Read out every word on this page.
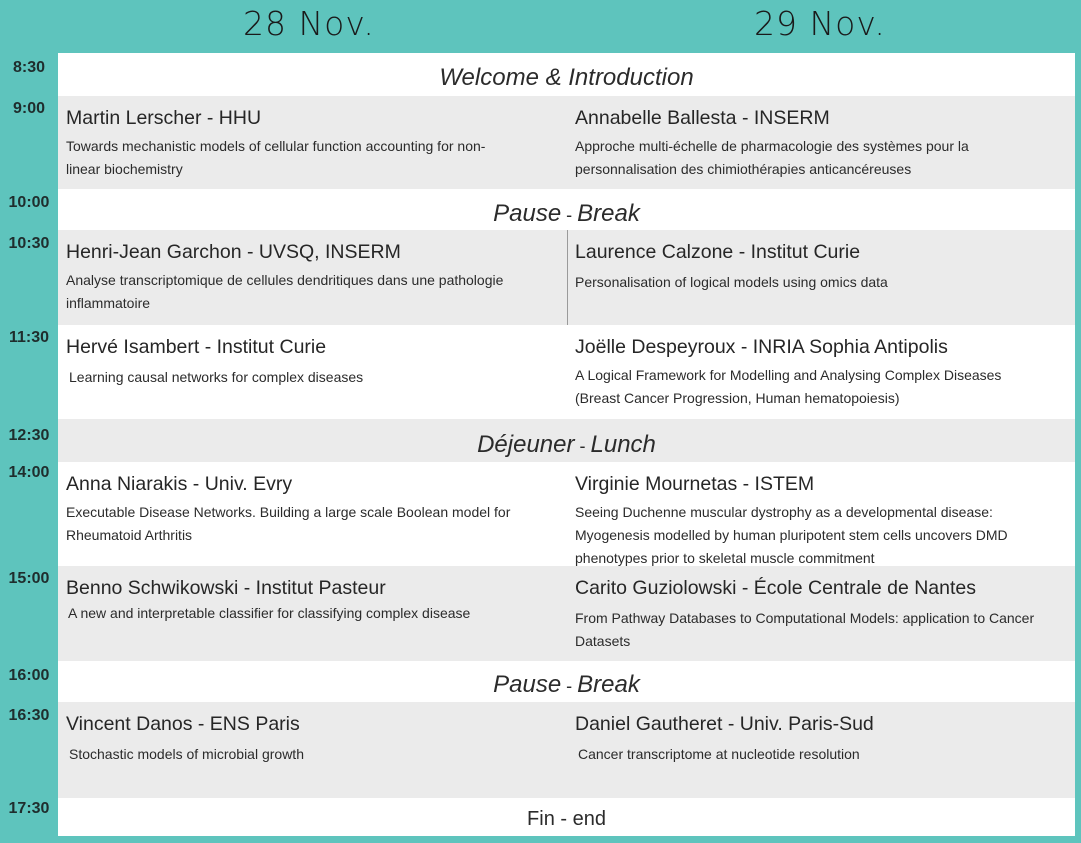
28 Nov.	29 Nov.
8:30
9:00
10:00
10:30
11:30
12:30
14:00
15:00
16:00
16:30
17:30
Welcome & Introduction
Martin Lerscher - HHU
Towards mechanistic models of cellular function accounting for non-linear biochemistry
Annabelle Ballesta - INSERM
Approche multi-échelle de pharmacologie des systèmes pour la personnalisation des chimiothérapies anticancéreuses
Pause - Break
Henri-Jean Garchon - UVSQ, INSERM
Analyse transcriptomique de cellules dendritiques dans une pathologie inflammatoire
Laurence Calzone - Institut Curie
Personalisation of logical models using omics data
Hervé Isambert - Institut Curie
Learning causal networks for complex diseases
Joëlle Despeyroux - INRIA Sophia Antipolis
A Logical Framework for Modelling and Analysing Complex Diseases (Breast Cancer Progression, Human hematopoiesis)
Déjeuner - Lunch
Anna Niarakis - Univ. Evry
Executable Disease Networks. Building a large scale Boolean model for Rheumatoid Arthritis
Virginie Mournetas - ISTEM
Seeing Duchenne muscular dystrophy as a developmental disease: Myogenesis modelled by human pluripotent stem cells uncovers DMD phenotypes prior to skeletal muscle commitment
Benno Schwikowski - Institut Pasteur
A new and interpretable classifier for classifying complex disease
Carito Guziolowski - École Centrale de Nantes
From Pathway Databases to Computational Models: application to Cancer Datasets
Pause - Break
Vincent Danos - ENS Paris
Stochastic models of microbial growth
Daniel Gautheret - Univ. Paris-Sud
Cancer transcriptome at nucleotide resolution
Fin - end
